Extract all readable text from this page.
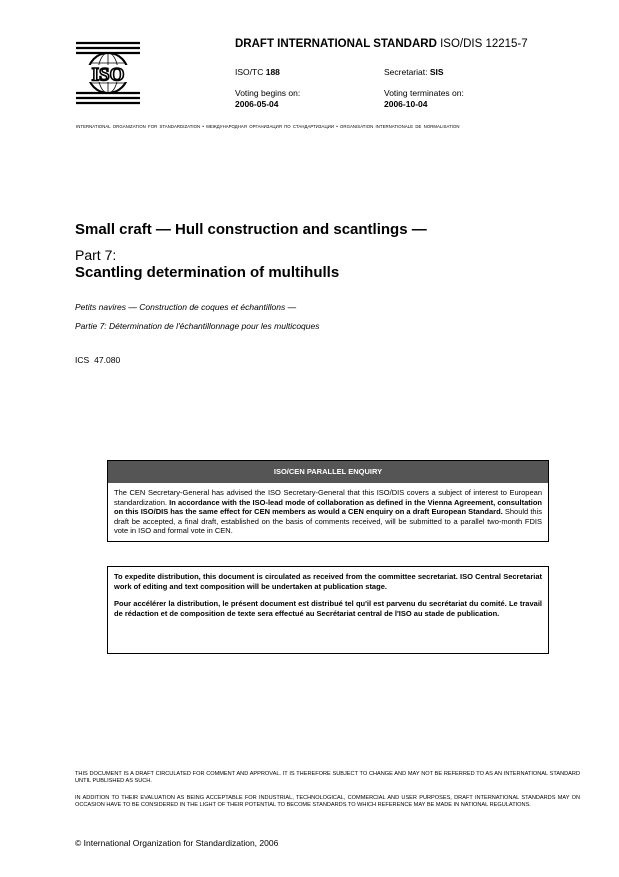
ISO
DRAFT INTERNATIONAL STANDARD ISO/DIS 12215-7
ISO/TC 188	Secretariat: SIS
Voting begins on:
2006-05-04
Voting terminates on:
2006-10-04
INTERNATIONAL ORGANIZATION FOR STANDARDIZATION • МЕЖДУНАРОДНАЯ ОРГАНИЗАЦИЯ ПО СТАНДАРТИЗАЦИИ • ORGANISATION INTERNATIONALE DE NORMALISATION
Small craft — Hull construction and scantlings —
Part 7:
Scantling determination of multihulls
Petits navires — Construction de coques et échantillons —
Partie 7: Détermination de l'échantillonnage pour les multicoques
ICS 47.080
ISO/CEN PARALLEL ENQUIRY
The CEN Secretary-General has advised the ISO Secretary-General that this ISO/DIS covers a subject of interest to European standardization. In accordance with the ISO-lead mode of collaboration as defined in the Vienna Agreement, consultation on this ISO/DIS has the same effect for CEN members as would a CEN enquiry on a draft European Standard. Should this draft be accepted, a final draft, established on the basis of comments received, will be submitted to a parallel two-month FDIS vote in ISO and formal vote in CEN.

To expedite distribution, this document is circulated as received from the committee secretariat. ISO Central Secretariat work of editing and text composition will be undertaken at publication stage.

Pour accélérer la distribution, le présent document est distribué tel qu'il est parvenu du secrétariat du comité. Le travail de rédaction et de composition de texte sera effectué au Secrétariat central de l'ISO au stade de publication.

THIS DOCUMENT IS A DRAFT CIRCULATED FOR COMMENT AND APPROVAL. IT IS THEREFORE SUBJECT TO CHANGE AND MAY NOT BE REFERRED TO AS AN INTERNATIONAL STANDARD UNTIL PUBLISHED AS SUCH.
IN ADDITION TO THEIR EVALUATION AS BEING ACCEPTABLE FOR INDUSTRIAL, TECHNOLOGICAL, COMMERCIAL AND USER PURPOSES, DRAFT INTERNATIONAL STANDARDS MAY ON OCCASION HAVE TO BE CONSIDERED IN THE LIGHT OF THEIR POTENTIAL TO BECOME STANDARDS TO WHICH REFERENCE MAY BE MADE IN NATIONAL REGULATIONS.
© International Organization for Standardization, 2006
